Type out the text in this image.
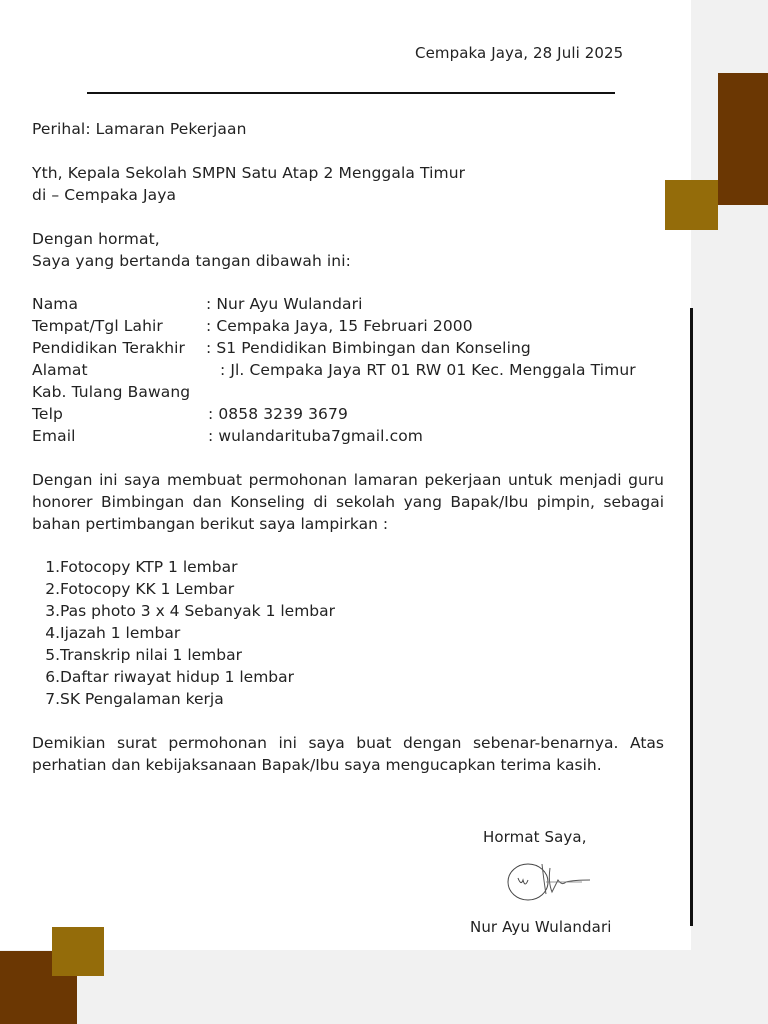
Cempaka Jaya, 28 Juli 2025
Perihal: Lamaran Pekerjaan
Yth, Kepala Sekolah SMPN Satu Atap 2 Menggala Timur
di – Cempaka Jaya
Dengan hormat,
Saya yang bertanda tangan dibawah ini:
Nama	: Nur Ayu Wulandari
Tempat/Tgl Lahir	: Cempaka Jaya, 15 Februari 2000
Pendidikan Terakhir : S1 Pendidikan Bimbingan dan Konseling
Alamat	: Jl. Cempaka Jaya RT 01 RW 01 Kec. Menggala Timur
Kab. Tulang Bawang
Telp	: 0858 3239 3679
Email	: wulandarituba7gmail.com
Dengan ini saya membuat permohonan lamaran pekerjaan untuk menjadi guru honorer Bimbingan dan Konseling di sekolah yang Bapak/Ibu pimpin, sebagai bahan pertimbangan berikut saya lampirkan :
1. Fotocopy KTP 1 lembar
2. Fotocopy KK 1 Lembar
3. Pas photo 3 x 4 Sebanyak 1 lembar
4. Ijazah 1 lembar
5. Transkrip nilai 1 lembar
6. Daftar riwayat hidup 1 lembar
7. SK Pengalaman kerja
Demikian surat permohonan ini saya buat dengan sebenar-benarnya. Atas perhatian dan kebijaksanaan Bapak/Ibu saya mengucapkan terima kasih.
Hormat Saya,
Nur Ayu Wulandari
